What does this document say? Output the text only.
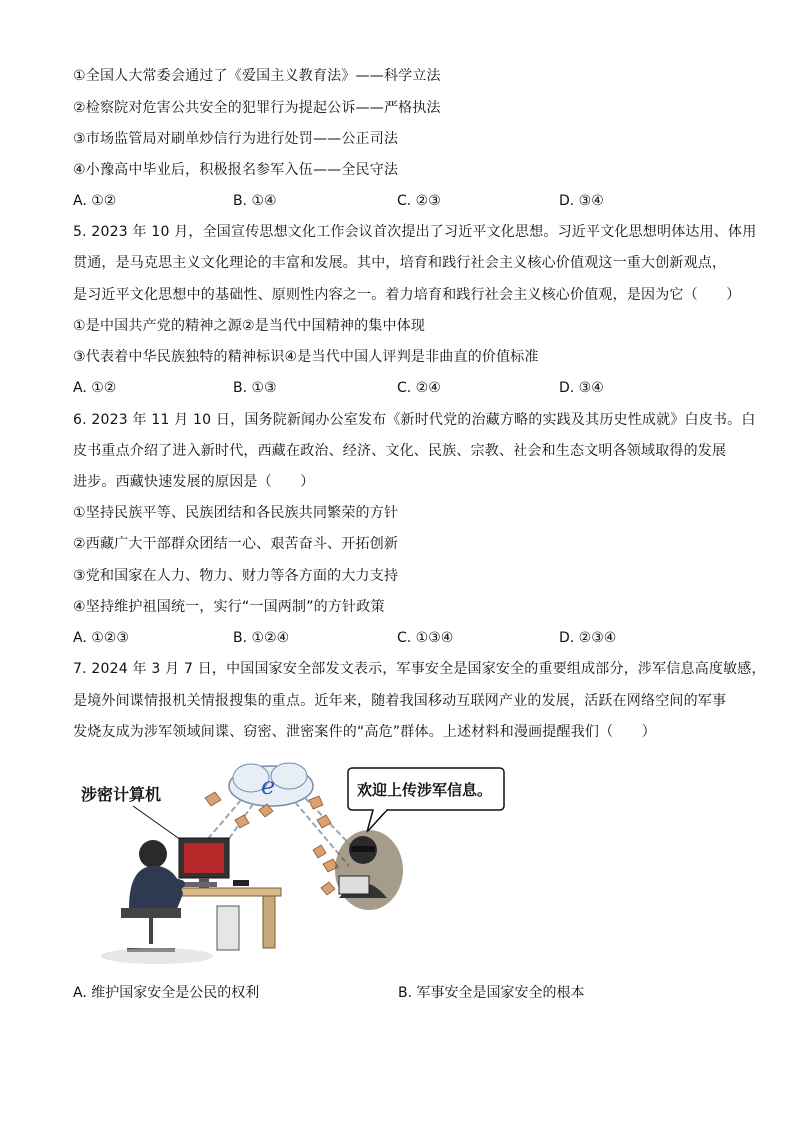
①全国人大常委会通过了《爱国主义教育法》——科学立法
②检察院对危害公共安全的犯罪行为提起公诉——严格执法
③市场监管局对刷单炒信行为进行处罚——公正司法
④小豫高中毕业后，积极报名参军入伍——全民守法
A. ①②	B. ①④	C. ②③	D. ③④
5. 2023 年 10 月，全国宣传思想文化工作会议首次提出了习近平文化思想。习近平文化思想明体达用、体用
贯通，是马克思主义文化理论的丰富和发展。其中，培育和践行社会主义核心价值观这一重大创新观点，
是习近平文化思想中的基础性、原则性内容之一。着力培育和践行社会主义核心价值观，是因为它（　　）
①是中国共产党的精神之源②是当代中国精神的集中体现
③代表着中华民族独特的精神标识④是当代中国人评判是非曲直的价值标准
A. ①②	B. ①③	C. ②④	D. ③④
6. 2023 年 11 月 10 日，国务院新闻办公室发布《新时代党的治藏方略的实践及其历史性成就》白皮书。白
皮书重点介绍了进入新时代，西藏在政治、经济、文化、民族、宗教、社会和生态文明各领域取得的发展
进步。西藏快速发展的原因是（　　）
①坚持民族平等、民族团结和各民族共同繁荣的方针
②西藏广大干部群众团结一心、艰苦奋斗、开拓创新
③党和国家在人力、物力、财力等各方面的大力支持
④坚持维护祖国统一，实行“一国两制”的方针政策
A. ①②③	B. ①②④	C. ①③④	D. ②③④
7. 2024 年 3 月 7 日，中国国家安全部发文表示，军事安全是国家安全的重要组成部分，涉军信息高度敏感，
是境外间谍情报机关情报搜集的重点。近年来，随着我国移动互联网产业的发展，活跃在网络空间的军事
发烧友成为涉军领域间谍、窃密、泄密案件的“高危”群体。上述材料和漫画提醒我们（　　）
涉密计算机	e	欢迎上传涉军信息。
A. 维护国家安全是公民的权利	B. 军事安全是国家安全的根本
